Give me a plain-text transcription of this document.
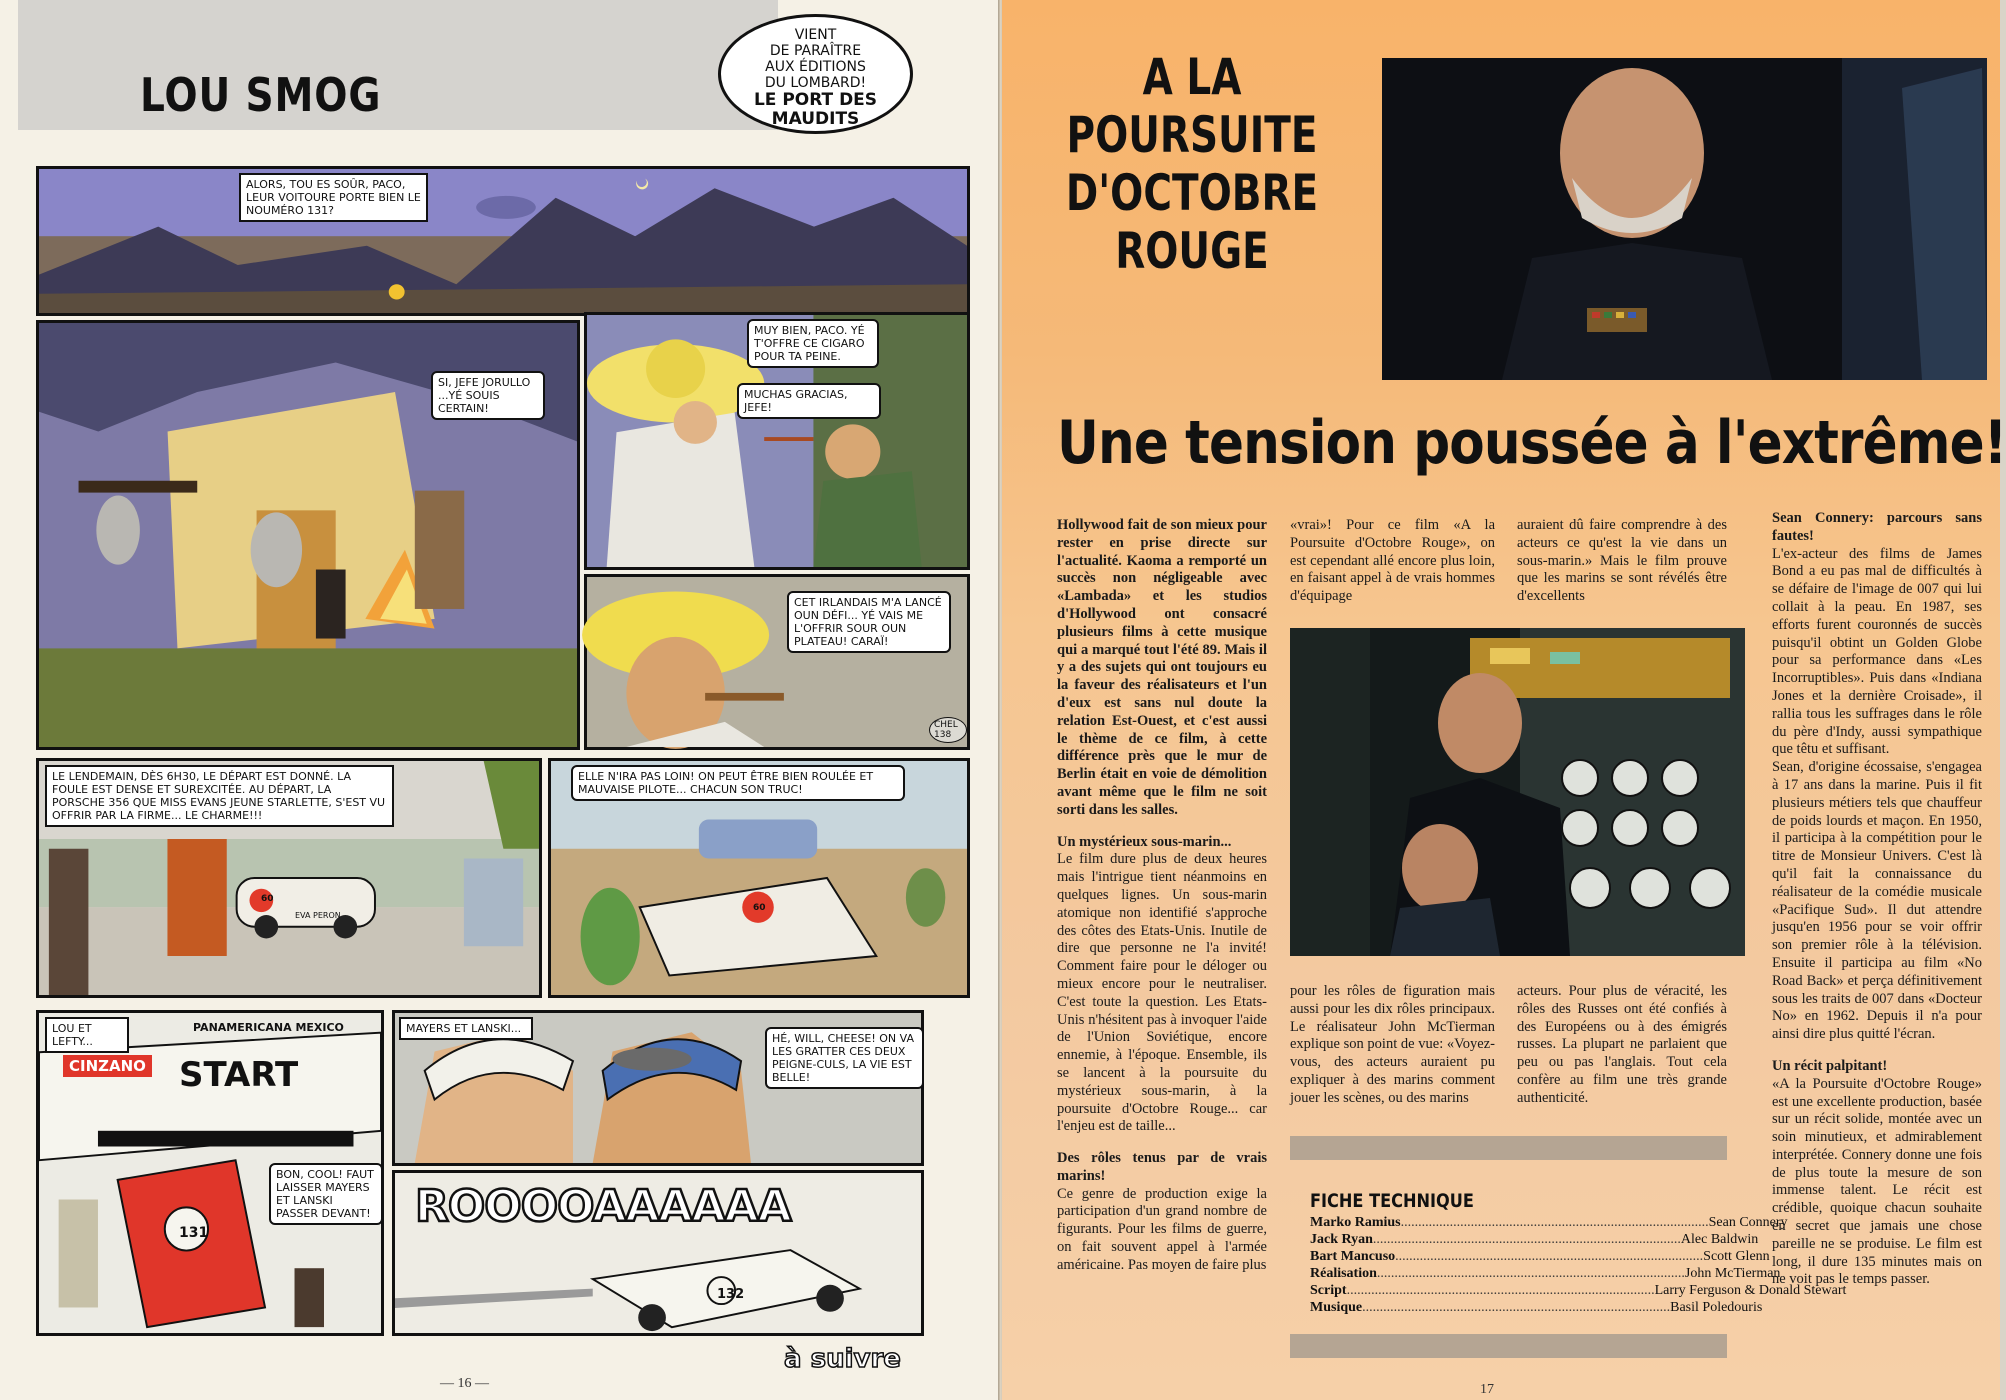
LOU SMOG
VIENT
DE PARAÎTRE
AUX ÉDITIONS
DU LOMBARD!
LE PORT DES
MAUDITS
ALORS, TOU ES SOÛR, PACO, LEUR VOITOURE PORTE BIEN LE NOUMÉRO 131?
SI, JEFE JORULLO ...YÉ SOUIS CERTAIN!
MUY BIEN, PACO. YÉ T'OFFRE CE CIGARO POUR TA PEINE.
MUCHAS GRACIAS, JEFE!
CET IRLANDAIS M'A LANCÉ OUN DÉFI... YÉ VAIS ME L'OFFRIR SOUR OUN PLATEAU! CARAÏ!
CHEL 138
LE LENDEMAIN, DÈS 6H30, LE DÉPART EST DONNÉ. LA FOULE EST DENSE ET SUREXCITÉE. AU DÉPART, LA PORSCHE 356 QUE MISS EVANS JEUNE STARLETTE, S'EST VU OFFRIR PAR LA FIRME... LE CHARME!!!
60
EVA PERON
ELLE N'IRA PAS LOIN! ON PEUT ÊTRE BIEN ROULÉE ET MAUVAISE PILOTE... CHACUN SON TRUC!
60
LOU ET LEFTY...
PANAMERICANA MEXICO
CINZANO START
131
BON, COOL! FAUT LAISSER MAYERS ET LANSKI PASSER DEVANT!
MAYERS ET LANSKI...
HÉ, WILL, CHEESE! ON VA LES GRATTER CES DEUX PEIGNE-CULS, LA VIE EST BELLE!
ROOOOAAAAAA
132
à suivre
— 16 —
A LA
POURSUITE
D'OCTOBRE
ROUGE
Une tension poussée à l'extrême!

Hollywood fait de son mieux pour rester en prise directe sur l'actualité. Kaoma a remporté un succès non négligeable avec «Lambada» et les studios d'Hollywood ont consacré plusieurs films à cette musique qui a marqué tout l'été 89. Mais il y a des sujets qui ont toujours eu la faveur des réalisateurs et l'un d'eux est sans nul doute la relation Est-Ouest, et c'est aussi le thème de ce film, à cette différence près que le mur de Berlin était en voie de démolition avant même que le film ne soit sorti dans les salles.

Un mystérieux sous-marin...

Le film dure plus de deux heures mais l'intrigue tient néanmoins en quelques lignes. Un sous-marin atomique non identifié s'approche des côtes des Etats-Unis. Inutile de dire que personne ne l'a invité! Comment faire pour le déloger ou mieux encore pour le neutraliser. C'est toute la question. Les Etats-Unis n'hésitent pas à invoquer l'aide de l'Union Soviétique, encore ennemie, à l'époque. Ensemble, ils se lancent à la poursuite du mystérieux sous-marin, à la poursuite d'Octobre Rouge... car l'enjeu est de taille...

Des rôles tenus par de vrais marins!

Ce genre de production exige la participation d'un grand nombre de figurants. Pour les films de guerre, on fait souvent appel à l'armée américaine. Pas moyen de faire plus

«vrai»! Pour ce film «A la Poursuite d'Octobre Rouge», on est cependant allé encore plus loin, en faisant appel à de vrais hommes d'équipage

auraient dû faire comprendre à des acteurs ce qu'est la vie dans un sous-marin.» Mais le film prouve que les marins se sont révélés être d'excellents

pour les rôles de figuration mais aussi pour les dix rôles principaux. Le réalisateur John McTierman explique son point de vue: «Voyez-vous, des acteurs auraient pu expliquer à des marins comment jouer les scènes, ou des marins

acteurs. Pour plus de véracité, les rôles des Russes ont été confiés à des Européens ou à des émigrés russes. La plupart ne parlaient que peu ou pas l'anglais. Tout cela confère au film une très grande authenticité.

FICHE TECHNIQUE
Marko Ramius ........................................................................................ Sean Connery
Jack Ryan ........................................................................................ Alec Baldwin
Bart Mancuso ........................................................................................ Scott Glenn
Réalisation ........................................................................................ John McTierman
Script ........................................................................................ Larry Ferguson & Donald Stewart
Musique ........................................................................................ Basil Poledouris

Sean Connery: parcours sans fautes!

L'ex-acteur des films de James Bond a eu pas mal de difficultés à se défaire de l'image de 007 qui lui collait à la peau. En 1987, ses efforts furent couronnés de succès puisqu'il obtint un Golden Globe pour sa performance dans «Les Incorruptibles». Puis dans «Indiana Jones et la dernière Croisade», il rallia tous les suffrages dans le rôle du père d'Indy, aussi sympathique que têtu et suffisant.

Sean, d'origine écossaise, s'engagea à 17 ans dans la marine. Puis il fit plusieurs métiers tels que chauffeur de poids lourds et maçon. En 1950, il participa à la compétition pour le titre de Monsieur Univers. C'est là qu'il fait la connaissance du réalisateur de la comédie musicale «Pacifique Sud». Il dut attendre jusqu'en 1956 pour se voir offrir son premier rôle à la télévision. Ensuite il participa au film «No Road Back» et perça définitivement sous les traits de 007 dans «Docteur No» en 1962. Depuis il n'a pour ainsi dire plus quitté l'écran.

Un récit palpitant!

«A la Poursuite d'Octobre Rouge» est une excellente production, basée sur un récit solide, montée avec un soin minutieux, et admirablement interprétée. Connery donne une fois de plus toute la mesure de son immense talent. Le récit est crédible, quoique chacun souhaite en secret que jamais une chose pareille ne se produise. Le film est long, il dure 135 minutes mais on ne voit pas le temps passer.

17
